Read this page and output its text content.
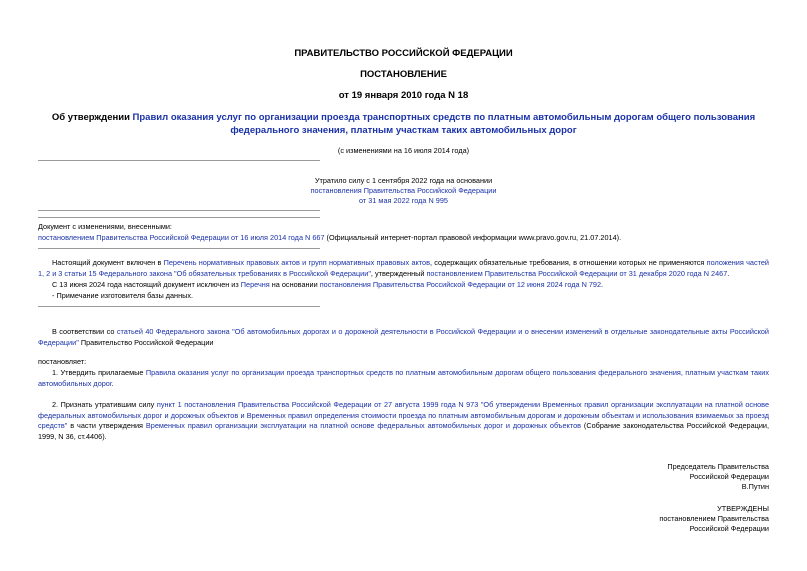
ПРАВИТЕЛЬСТВО РОССИЙСКОЙ ФЕДЕРАЦИИ
ПОСТАНОВЛЕНИЕ
от 19 января 2010 года N 18
Об утверждении Правил оказания услуг по организации проезда транспортных средств по платным автомобильным дорогам общего пользования федерального значения, платным участкам таких автомобильных дорог
(с изменениями на 16 июля 2014 года)
Утратило силу с 1 сентября 2022 года на основании
постановления Правительства Российской Федерации
от 31 мая 2022 года N 995
Документ с изменениями, внесенными:
постановлением Правительства Российской Федерации от 16 июля 2014 года N 667 (Официальный интернет-портал правовой информации www.pravo.gov.ru, 21.07.2014).
Настоящий документ включен в Перечень нормативных правовых актов и групп нормативных правовых актов, содержащих обязательные требования, в отношении которых не применяются положения частей 1, 2 и 3 статьи 15 Федерального закона "Об обязательных требованиях в Российской Федерации", утвержденный постановлением Правительства Российской Федерации от 31 декабря 2020 года N 2467.
С 13 июня 2024 года настоящий документ исключен из Перечня на основании постановления Правительства Российской Федерации от 12 июня 2024 года N 792.
- Примечание изготовителя базы данных.
В соответствии со статьей 40 Федерального закона "Об автомобильных дорогах и о дорожной деятельности в Российской Федерации и о внесении изменений в отдельные законодательные акты Российской Федерации" Правительство Российской Федерации
постановляет:
1. Утвердить прилагаемые Правила оказания услуг по организации проезда транспортных средств по платным автомобильным дорогам общего пользования федерального значения, платным участкам таких автомобильных дорог.
2. Признать утратившим силу пункт 1 постановления Правительства Российской Федерации от 27 августа 1999 года N 973 "Об утверждении Временных правил организации эксплуатации на платной основе федеральных автомобильных дорог и дорожных объектов и Временных правил определения стоимости проезда по платным автомобильным дорогам и дорожным объектам и использования взимаемых за проезд средств" в части утверждения Временных правил организации эксплуатации на платной основе федеральных автомобильных дорог и дорожных объектов (Собрание законодательства Российской Федерации, 1999, N 36, ст.4406).
Председатель Правительства
Российской Федерации
В.Путин
УТВЕРЖДЕНЫ
постановлением Правительства
Российской Федерации
